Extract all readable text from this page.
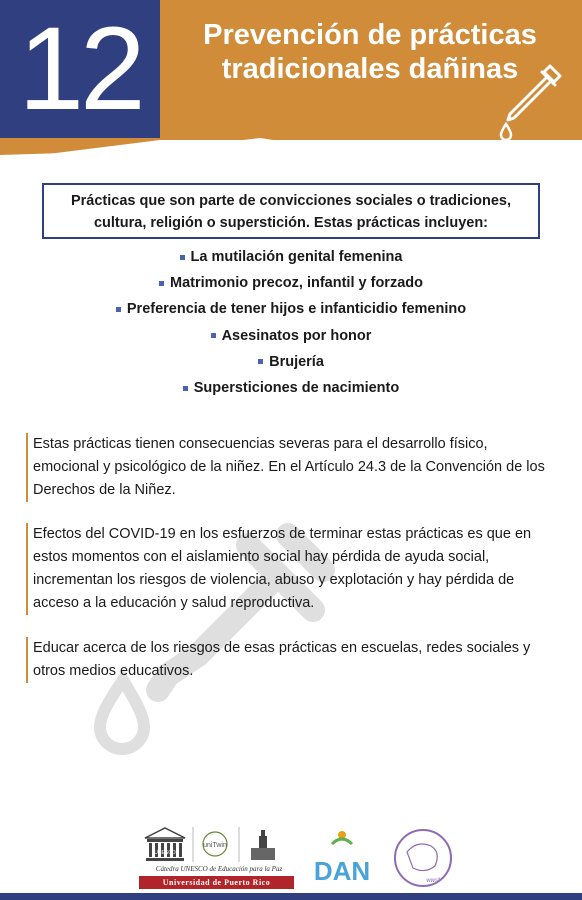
12	Prevención de prácticas
tradicionales dañinas
Prácticas que son parte de convicciones sociales o tradiciones, cultura, religión o superstición. Estas prácticas incluyen:
La mutilación genital femenina
Matrimonio precoz, infantil y forzado
Preferencia de tener hijos e infanticidio femenino
Asesinatos por honor
Brujería
Supersticiones de nacimiento

Estas prácticas tienen consecuencias severas para el desarrollo físico, emocional y psicológico de la niñez. En el Artículo 24.3 de la Convención de los Derechos de la Niñez.

Efectos del COVID-19 en los esfuerzos de terminar estas prácticas es que en estos momentos con el aislamiento social hay pérdida de ayuda social, incrementan los riesgos de violencia, abuso y explotación y hay pérdida de acceso a la educación y salud reproductiva.

Educar acerca de los riesgos de esas prácticas en escuelas, redes sociales y otros medios educativos.

UNESCO
uniTwin
DAN	wwsf
Cátedra UNESCO de Educación para la Paz
Universidad de Puerto Rico
